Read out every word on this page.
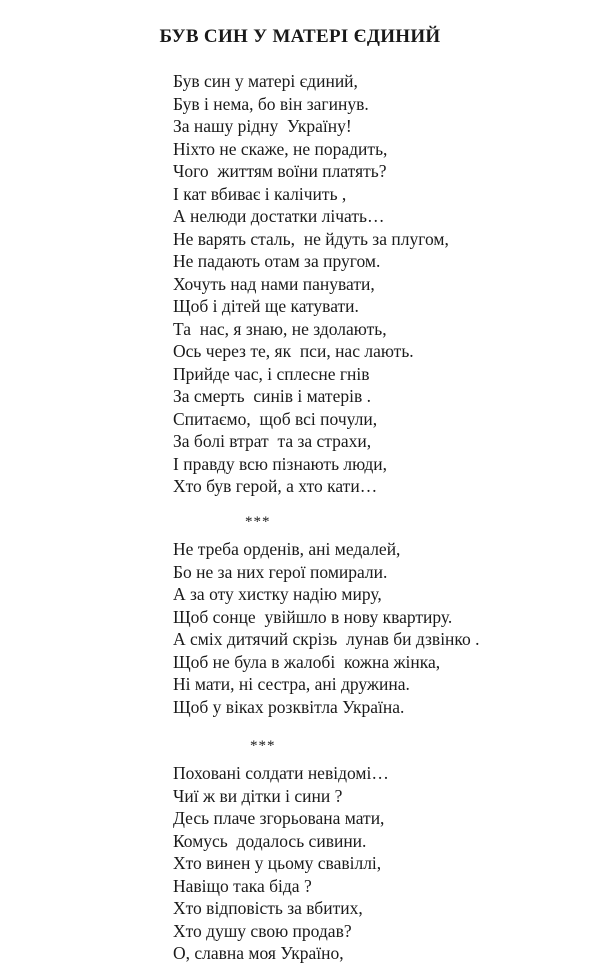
БУВ СИН У МАТЕРІ ЄДИНИЙ
Був син у матері єдиний,
Був і нема, бо він загинув.
За нашу рідну  Україну!
Ніхто не скаже, не порадить,
Чого  життям воїни платять?
І кат вбиває і калічить ,
А нелюди достатки лічать…
Не варять сталь,  не йдуть за плугом,
Не падають отам за пругом.
Хочуть над нами панувати,
Щоб і дітей ще катувати.
Та  нас, я знаю, не здолають,
Ось через те, як  пси, нас лають.
Прийде час, і сплесне гнів
За смерть  синів і матерів .
Спитаємо,  щоб всі почули,
За болі втрат  та за страхи,
І правду всю пізнають люди,
Хто був герой, а хто кати…
***
Не треба орденів, ані медалей,
Бо не за них герої помирали.
А за оту хистку надію миру,
Щоб сонце  увійшло в нову квартиру.
А сміх дитячий скрізь  лунав би дзвінко .
Щоб не була в жалобі  кожна жінка,
Ні мати, ні сестра, ані дружина.
Щоб у віках розквітла Україна.
***
Поховані солдати невідомі…
Чиї ж ви дітки і сини ?
Десь плаче згорьована мати,
Комусь  додалось сивини.
Хто винен у цьому свавіллі,
Навіщо така біда ?
Хто відповість за вбитих,
Хто душу свою продав?
О, славна моя Україно,
